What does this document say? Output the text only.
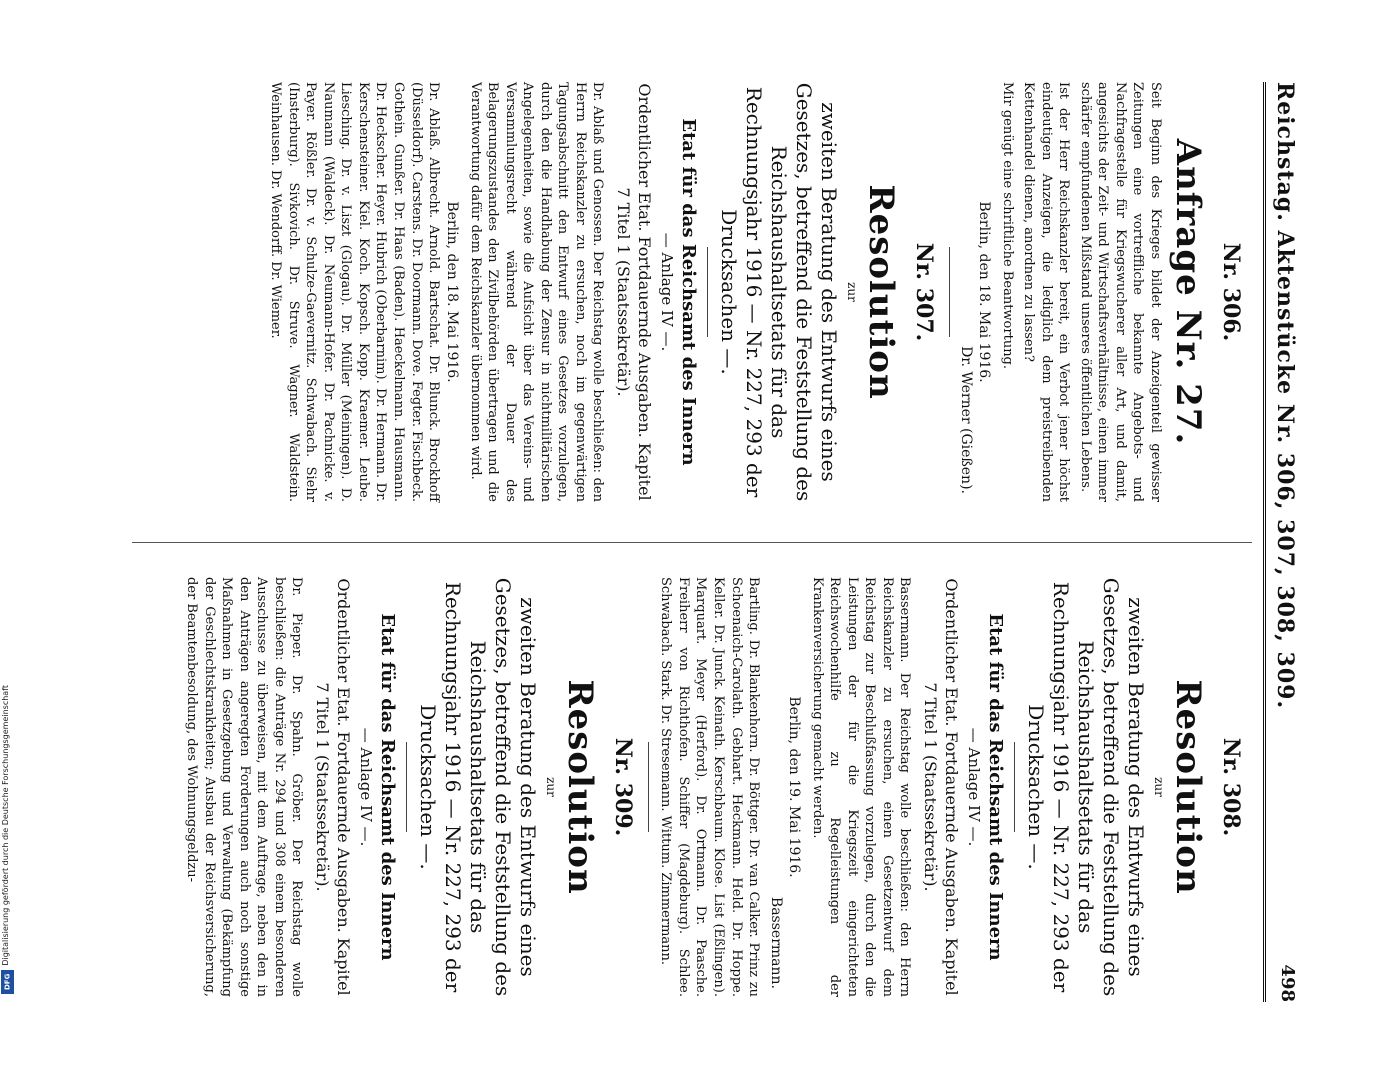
Digitalisierung gefördert durch die Deutsche Forschungsgemeinschaft
DFG
Reichstag. Aktenstücke Nr. 306, 307, 308, 309.
498
Nr. 306.
Anfrage Nr. 27.

Seit Beginn des Krieges bildet der Anzeigenteil gewisser Zeitungen eine vortreffliche bekannte Angebots- und Nachfragestelle für Kriegswucherer aller Art, und damit, angesichts der Zeit- und Wirtschaftsverhältnisse, einen immer schärfer empfundenen Mißstand unseres öffentlichen Lebens.

Ist der Herr Reichskanzler bereit, ein Verbot jener höchst eindeutigen Anzeigen, die lediglich dem preistreibenden Kettenhandel dienen, anordnen zu lassen?

Mir genügt eine schriftliche Beantwortung.

Berlin, den 18. Mai 1916.
Dr. Werner (Gießen).
Nr. 307.
Resolution
zur
zweiten Beratung des Entwurfs eines Gesetzes, betreffend die Feststellung des Reichshaushaltsetats für das Rechnungsjahr 1916 — Nr. 227, 293 der Drucksachen —.
Etat für das Reichsamt des Innern
— Anlage IV —.
Ordentlicher Etat. Fortdauernde Ausgaben. Kapitel 7 Titel 1 (Staatssekretär).

Dr. Ablaß und Genossen. Der Reichstag wolle beschließen: den Herrn Reichskanzler zu ersuchen, noch im gegenwärtigen Tagungsabschnitt den Entwurf eines Gesetzes vorzulegen, durch den die Handhabung der Zensur in nichtmilitärischen Angelegenheiten, sowie die Aufsicht über das Vereins- und Versammlungsrecht während der Dauer des Belagerungszustandes den Zivilbehörden übertragen und die Verantwortung dafür dem Reichskanzler übernommen wird.

Berlin, den 18. Mai 1916.

Dr. Ablaß. Albrecht. Arnold. Bartschat. Dr. Blunck. Brockhoff (Düsseldorf). Carstens. Dr. Doormann. Dove. Fegter. Fischbeck. Gothein. Gunßer. Dr. Haas (Baden). Haeckelmann. Hausmann. Dr. Heckscher. Heyer. Hubrich (Oberbarnim). Dr. Hermann. Dr. Kerschensteiner. Kiel. Koch. Kopsch. Kopp. Kraemer. Leube. Liesching. Dr. v. Liszt (Glogau). Dr. Müller (Meiningen). D. Naumann (Waldeck). Dr. Neumann-Hofer. Dr. Pachnicke. v. Payer. Rößler. Dr. v. Schulze-Gaevernitz. Schwabach. Siehr (Insterburg). Sivkovich. Dr. Struve. Wagner. Waldstein. Weinhausen. Dr. Wendorff. Dr. Wiemer.

Nr. 308.
Resolution
zur
zweiten Beratung des Entwurfs eines Gesetzes, betreffend die Feststellung des Reichshaushaltsetats für das Rechnungsjahr 1916 — Nr. 227, 293 der Drucksachen —.
Etat für das Reichsamt des Innern
— Anlage IV —.
Ordentlicher Etat. Fortdauernde Ausgaben. Kapitel 7 Titel 1 (Staatssekretär).

Bassermann. Der Reichstag wolle beschließen: den Herrn Reichskanzler zu ersuchen, einen Gesetzentwurf dem Reichstag zur Beschlußfassung vorzulegen, durch den die Leistungen der für die Kriegszeit eingerichteten Reichswochenhilfe zu Regelleistungen der Krankenversicherung gemacht werden.

Berlin, den 19. Mai 1916.
Bassermann.

Bartling. Dr. Blankenhorn. Dr. Böttger. Dr. van Calker. Prinz zu Schoenaich-Carolath. Gebhart. Heckmann. Held. Dr. Hoppe. Keller. Dr. Junck. Keinath. Kerschbaum. Klose. List (Eßlingen). Marquart. Meyer (Herford). Dr. Ortmann. Dr. Paasche. Freiherr von Richthofen. Schiffer (Magdeburg). Schlee. Schwabach. Stark. Dr. Stresemann. Wittum. Zimmermann.

Nr. 309.
Resolution
zur
zweiten Beratung des Entwurfs eines Gesetzes, betreffend die Feststellung des Reichshaushaltsetats für das Rechnungsjahr 1916 — Nr. 227, 293 der Drucksachen —.
Etat für das Reichsamt des Innern
— Anlage IV —.
Ordentlicher Etat. Fortdauernde Ausgaben. Kapitel 7 Titel 1 (Staatssekretär).

Dr. Pieper. Dr. Spahn. Gröber. Der Reichstag wolle beschließen: die Anträge Nr. 294 und 308 einem besonderen Ausschusse zu überweisen, mit dem Auftrage, neben den in den Anträgen angeregten Forderungen auch noch sonstige Maßnahmen in Gesetzgebung und Verwaltung (Bekämpfung der Geschlechtskrankheiten; Ausbau der Reichsversicherung, der Beamtenbesoldung, des Wohnungsgeldzu-
